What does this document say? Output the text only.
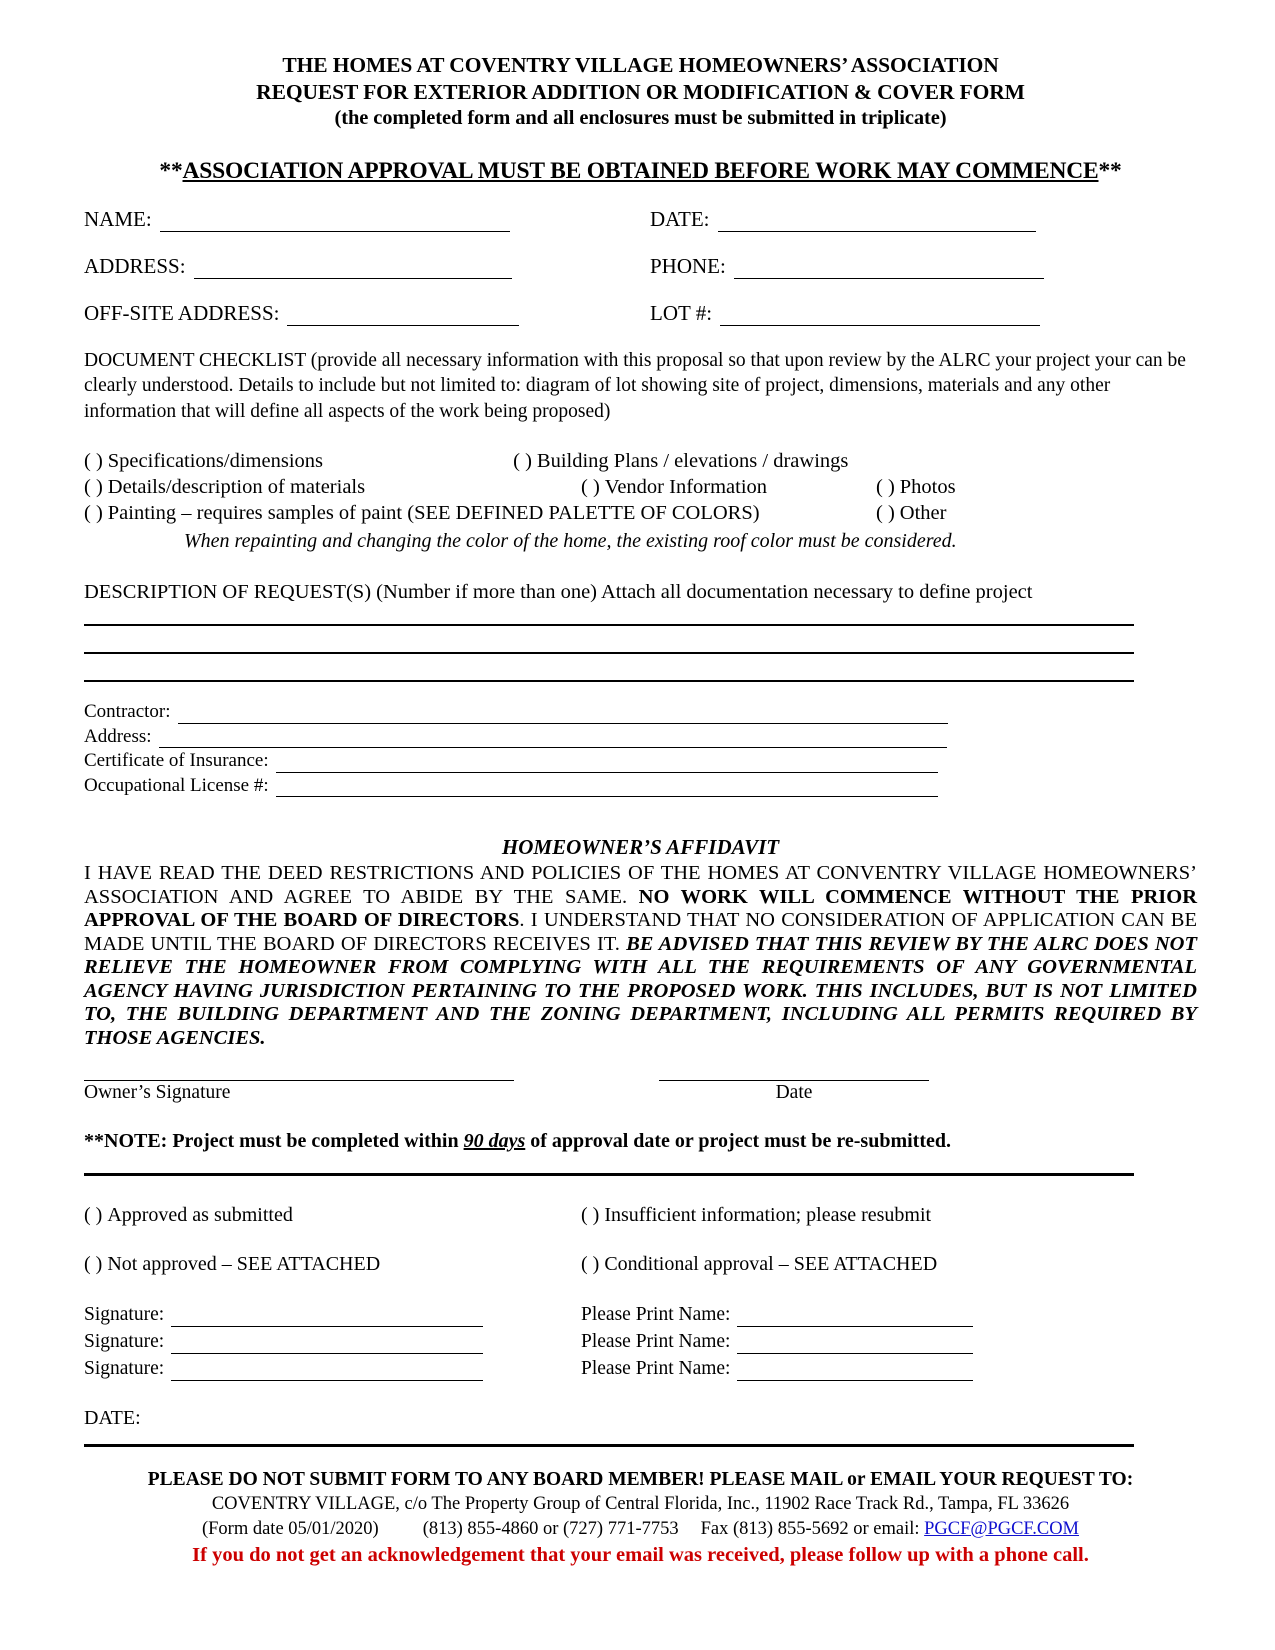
THE HOMES AT COVENTRY VILLAGE HOMEOWNERS’ ASSOCIATION
REQUEST FOR EXTERIOR ADDITION OR MODIFICATION & COVER FORM
(the completed form and all enclosures must be submitted in triplicate)
**ASSOCIATION APPROVAL MUST BE OBTAINED BEFORE WORK MAY COMMENCE**
NAME:	DATE:
ADDRESS:	PHONE:
OFF-SITE ADDRESS:	LOT #:
DOCUMENT CHECKLIST (provide all necessary information with this proposal so that upon review by the ALRC your project your can be clearly understood. Details to include but not limited to: diagram of lot showing site of project, dimensions, materials and any other information that will define all aspects of the work being proposed)
( ) Specifications/dimensions	( ) Building Plans / elevations / drawings
( ) Details/description of materials	( ) Vendor Information	( ) Photos
( ) Painting – requires samples of paint (SEE DEFINED PALETTE OF COLORS)	( ) Other
When repainting and changing the color of the home, the existing roof color must be considered.
DESCRIPTION OF REQUEST(S) (Number if more than one) Attach all documentation necessary to define project
Contractor:
Address:
Certificate of Insurance:
Occupational License #:
HOMEOWNER’S AFFIDAVIT
I HAVE READ THE DEED RESTRICTIONS AND POLICIES OF THE HOMES AT CONVENTRY VILLAGE HOMEOWNERS’ ASSOCIATION AND AGREE TO ABIDE BY THE SAME. NO WORK WILL COMMENCE WITHOUT THE PRIOR APPROVAL OF THE BOARD OF DIRECTORS. I UNDERSTAND THAT NO CONSIDERATION OF APPLICATION CAN BE MADE UNTIL THE BOARD OF DIRECTORS RECEIVES IT. BE ADVISED THAT THIS REVIEW BY THE ALRC DOES NOT RELIEVE THE HOMEOWNER FROM COMPLYING WITH ALL THE REQUIREMENTS OF ANY GOVERNMENTAL AGENCY HAVING JURISDICTION PERTAINING TO THE PROPOSED WORK. THIS INCLUDES, BUT IS NOT LIMITED TO, THE BUILDING DEPARTMENT AND THE ZONING DEPARTMENT, INCLUDING ALL PERMITS REQUIRED BY THOSE AGENCIES.
Owner’s Signature	Date
**NOTE: Project must be completed within 90 days of approval date or project must be re-submitted.
( ) Approved as submitted	( ) Insufficient information; please resubmit
( ) Not approved – SEE ATTACHED	( ) Conditional approval – SEE ATTACHED
Signature:	Please Print Name:
Signature:	Please Print Name:
Signature:	Please Print Name:
DATE:
PLEASE DO NOT SUBMIT FORM TO ANY BOARD MEMBER! PLEASE MAIL or EMAIL YOUR REQUEST TO:
COVENTRY VILLAGE, c/o The Property Group of Central Florida, Inc., 11902 Race Track Rd., Tampa, FL 33626
(Form date 05/01/2020) (813) 855-4860 or (727) 771-7753 Fax (813) 855-5692 or email: PGCF@PGCF.COM
If you do not get an acknowledgement that your email was received, please follow up with a phone call.
